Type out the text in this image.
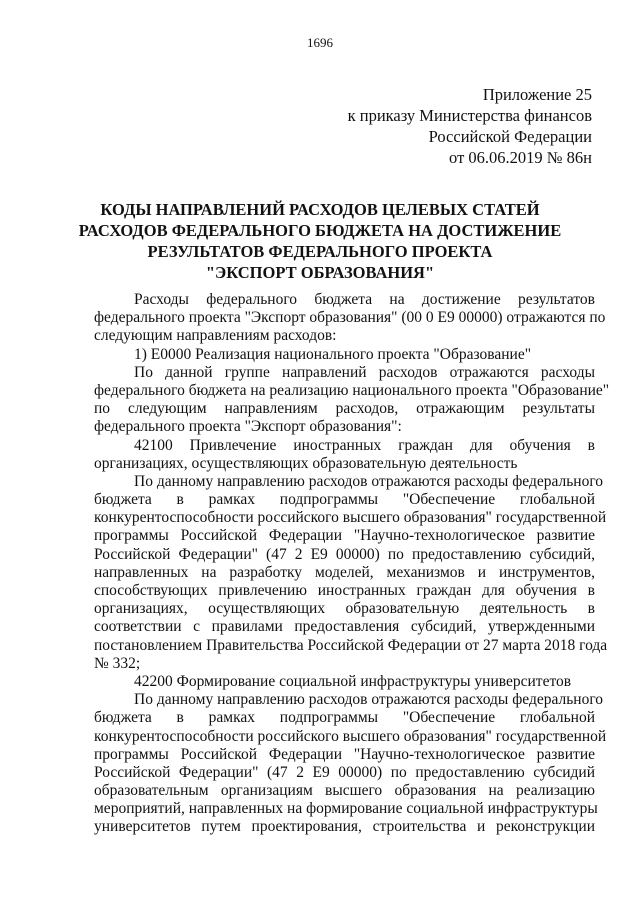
1696
Приложение 25
к приказу Министерства финансов
Российской Федерации
от 06.06.2019 № 86н
КОДЫ НАПРАВЛЕНИЙ РАСХОДОВ ЦЕЛЕВЫХ СТАТЕЙ
РАСХОДОВ ФЕДЕРАЛЬНОГО БЮДЖЕТА НА ДОСТИЖЕНИЕ
РЕЗУЛЬТАТОВ ФЕДЕРАЛЬНОГО ПРОЕКТА
"ЭКСПОРТ ОБРАЗОВАНИЯ"
Расходы федерального бюджета на достижение результатов
федерального проекта "Экспорт образования" (00 0 Е9 00000) отражаются по
следующим направлениям расходов:
1) Е0000 Реализация национального проекта "Образование"
По данной группе направлений расходов отражаются расходы
федерального бюджета на реализацию национального проекта "Образование"
по следующим направлениям расходов, отражающим результаты
федерального проекта "Экспорт образования":
42100 Привлечение иностранных граждан для обучения в
организациях, осуществляющих образовательную деятельность
По данному направлению расходов отражаются расходы федерального
бюджета в рамках подпрограммы "Обеспечение глобальной
конкурентоспособности российского высшего образования" государственной
программы Российской Федерации "Научно-технологическое развитие
Российской Федерации" (47 2 Е9 00000) по предоставлению субсидий,
направленных на разработку моделей, механизмов и инструментов,
способствующих привлечению иностранных граждан для обучения в
организациях, осуществляющих образовательную деятельность в
соответствии с правилами предоставления субсидий, утвержденными
постановлением Правительства Российской Федерации от 27 марта 2018 года
№ 332;
42200 Формирование социальной инфраструктуры университетов
По данному направлению расходов отражаются расходы федерального
бюджета в рамках подпрограммы "Обеспечение глобальной
конкурентоспособности российского высшего образования" государственной
программы Российской Федерации "Научно-технологическое развитие
Российской Федерации" (47 2 Е9 00000) по предоставлению субсидий
образовательным организациям высшего образования на реализацию
мероприятий, направленных на формирование социальной инфраструктуры
университетов путем проектирования, строительства и реконструкции
